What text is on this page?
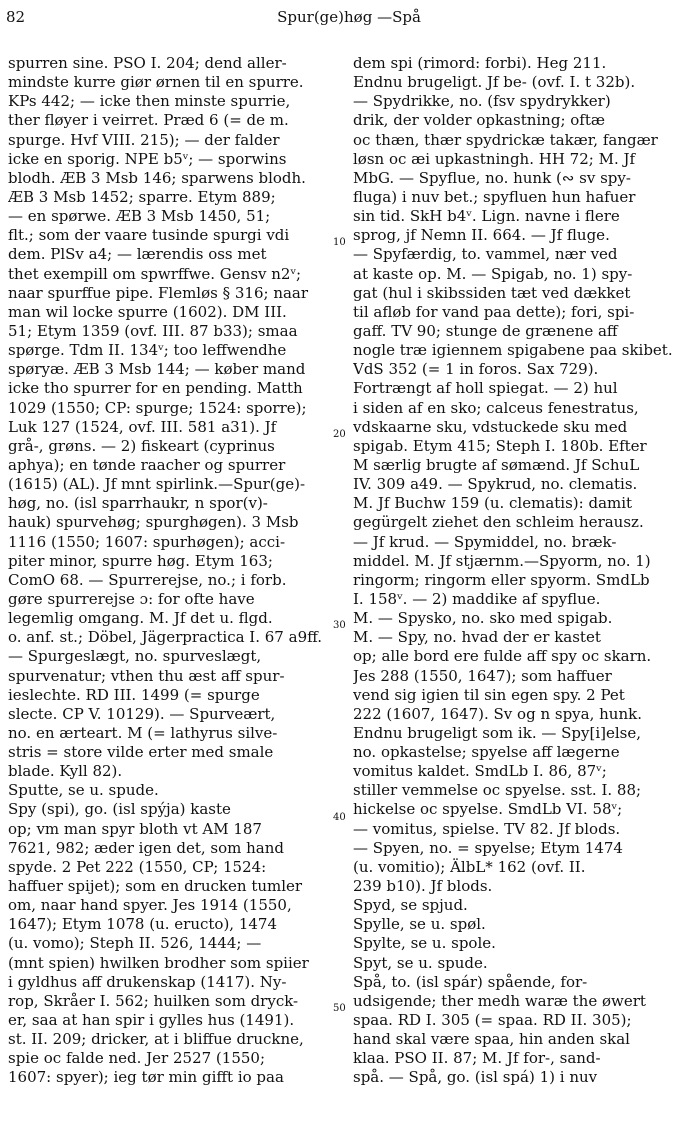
82	Spur(ge)høg —Spå
spurren sine. PSO I. 204; dend aller-
mindste kurre giør ørnen til en spurre.
KPs 442; — icke then minste spurrie,
ther fløyer i veirret. Præd 6 (= de m.
spurge. Hvf VIII. 215); — der falder
icke en sporig. NPE b5ᵛ; — sporwins
blodh. ÆB 3 Msb 146; sparwens blodh.
ÆB 3 Msb 1452; sparre. Etym 889;
— en spørwe. ÆB 3 Msb 1450, 51;
flt.; som der vaare tusinde spurgi vdi
dem. PlSv a4; — lærendis oss met
thet exempill om spwrffwe. Gensv n2ᵛ;
naar spurffue pipe. Flemløs § 316; naar
man wil locke spurre (1602). DM III.
51; Etym 1359 (ovf. III. 87 b33); smaa
spørge. Tdm II. 134ᵛ; too leffwendhe
spøryæ. ÆB 3 Msb 144; — køber mand
icke tho spurrer for en pending. Matth
1029 (1550; CP: spurge; 1524: sporre);
Luk 127 (1524, ovf. III. 581 a31). Jf
grå-, grøns. — 2) fiskeart (cyprinus
aphya); en tønde raacher og spurrer
(1615) (AL). Jf mnt spirlink.—Spur(ge)-
høg, no. (isl sparrhaukr, n spor(v)-
hauk) spurvehøg; spurghøgen). 3 Msb
1116 (1550; 1607: spurhøgen); acci-
piter minor, spurre høg. Etym 163;
ComO 68. — Spurrerejse, no.; i forb.
gøre spurrerejse ɔ: for ofte have
legemlig omgang. M. Jf det u. flgd.
o. anf. st.; Döbel, Jägerpractica I. 67 a9ff.
— Spurgeslægt, no. spurveslægt,
spurvenatur; vthen thu æst aff spur-
ieslechte. RD III. 1499 (= spurge
slecte. CP V. 10129). — Spurveært,
no. en ærteart. M (= lathyrus silve-
stris = store vilde erter med smale
blade. Kyll 82).
Sputte, se u. spude.
Spy (spi), go. (isl spýja) kaste
op; vm man spyr bloth vt AM 187
7621, 982; æder igen det, som hand
spyde. 2 Pet 222 (1550, CP; 1524:
haffuer spijet); som en drucken tumler
om, naar hand spyer. Jes 1914 (1550,
1647); Etym 1078 (u. eructo), 1474
(u. vomo); Steph II. 526, 1444; —
(mnt spien) hwilken brodher som spiier
i gyldhus aff drukenskap (1417). Ny-
rop, Skråer I. 562; huilken som dryck-
er, saa at han spir i gylles hus (1491).
st. II. 209; dricker, at i bliffue druckne,
spie oc falde ned. Jer 2527 (1550;
1607: spyer); ieg tør min gifft io paa
dem spi (rimord: forbi). Heg 211.
Endnu brugeligt. Jf be- (ovf. I. t 32b).
— Spydrikke, no. (fsv spydrykker)
drik, der volder opkastning; oftæ
oc thæn, thær spydrickæ takær, fangær
løsn oc æi upkastningh. HH 72; M. Jf
MbG. — Spyflue, no. hunk (∾ sv spy-
fluga) i nuv bet.; spyfluen hun hafuer
sin tid. SkH b4ᵛ. Lign. navne i flere
sprog, jf Nemn II. 664. — Jf fluge.
— Spyfærdig, to. vammel, nær ved
at kaste op. M. — Spigab, no. 1) spy-
gat (hul i skibssiden tæt ved dækket
til afløb for vand paa dette); fori, spi-
gaff. TV 90; stunge de grænene aff
nogle træ igiennem spigabene paa skibet.
VdS 352 (= 1 in foros. Sax 729).
Fortrængt af holl spiegat. — 2) hul
i siden af en sko; calceus fenestratus,
vdskaarne sku, vdstuckede sku med
spigab. Etym 415; Steph I. 180b. Efter
M særlig brugte af sømænd. Jf SchuL
IV. 309 a49. — Spykrud, no. clematis.
M. Jf Buchw 159 (u. clematis): damit
gegürgelt ziehet den schleim herausz.
— Jf krud. — Spymiddel, no. bræk-
middel. M. Jf stjærnm.—Spyorm, no. 1)
ringorm; ringorm eller spyorm. SmdLb
I. 158ᵛ. — 2) maddike af spyflue.
M. — Spysko, no. sko med spigab.
M. — Spy, no. hvad der er kastet
op; alle bord ere fulde aff spy oc skarn.
Jes 288 (1550, 1647); som haffuer
vend sig igien til sin egen spy. 2 Pet
222 (1607, 1647). Sv og n spya, hunk.
Endnu brugeligt som ik. — Spy[i]else,
no. opkastelse; spyelse aff lægerne
vomitus kaldet. SmdLb I. 86, 87ᵛ;
stiller vemmelse oc spyelse. sst. I. 88;
hickelse oc spyelse. SmdLb VI. 58ᵛ;
— vomitus, spielse. TV 82. Jf blods.
— Spyen, no. = spyelse; Etym 1474
(u. vomitio); ÄlbL* 162 (ovf. II.
239 b10). Jf blods.
Spyd, se spjud.
Spylle, se u. spøl.
Spylte, se u. spole.
Spyt, se u. spude.
Spå, to. (isl spár) spående, for-
udsigende; ther medh waræ the øwert
spaa. RD I. 305 (= spaa. RD II. 305);
hand skal være spaa, hin anden skal
klaa. PSO II. 87; M. Jf for-, sand-
spå. — Spå, go. (isl spá) 1) i nuv
10
20
30
40
50
